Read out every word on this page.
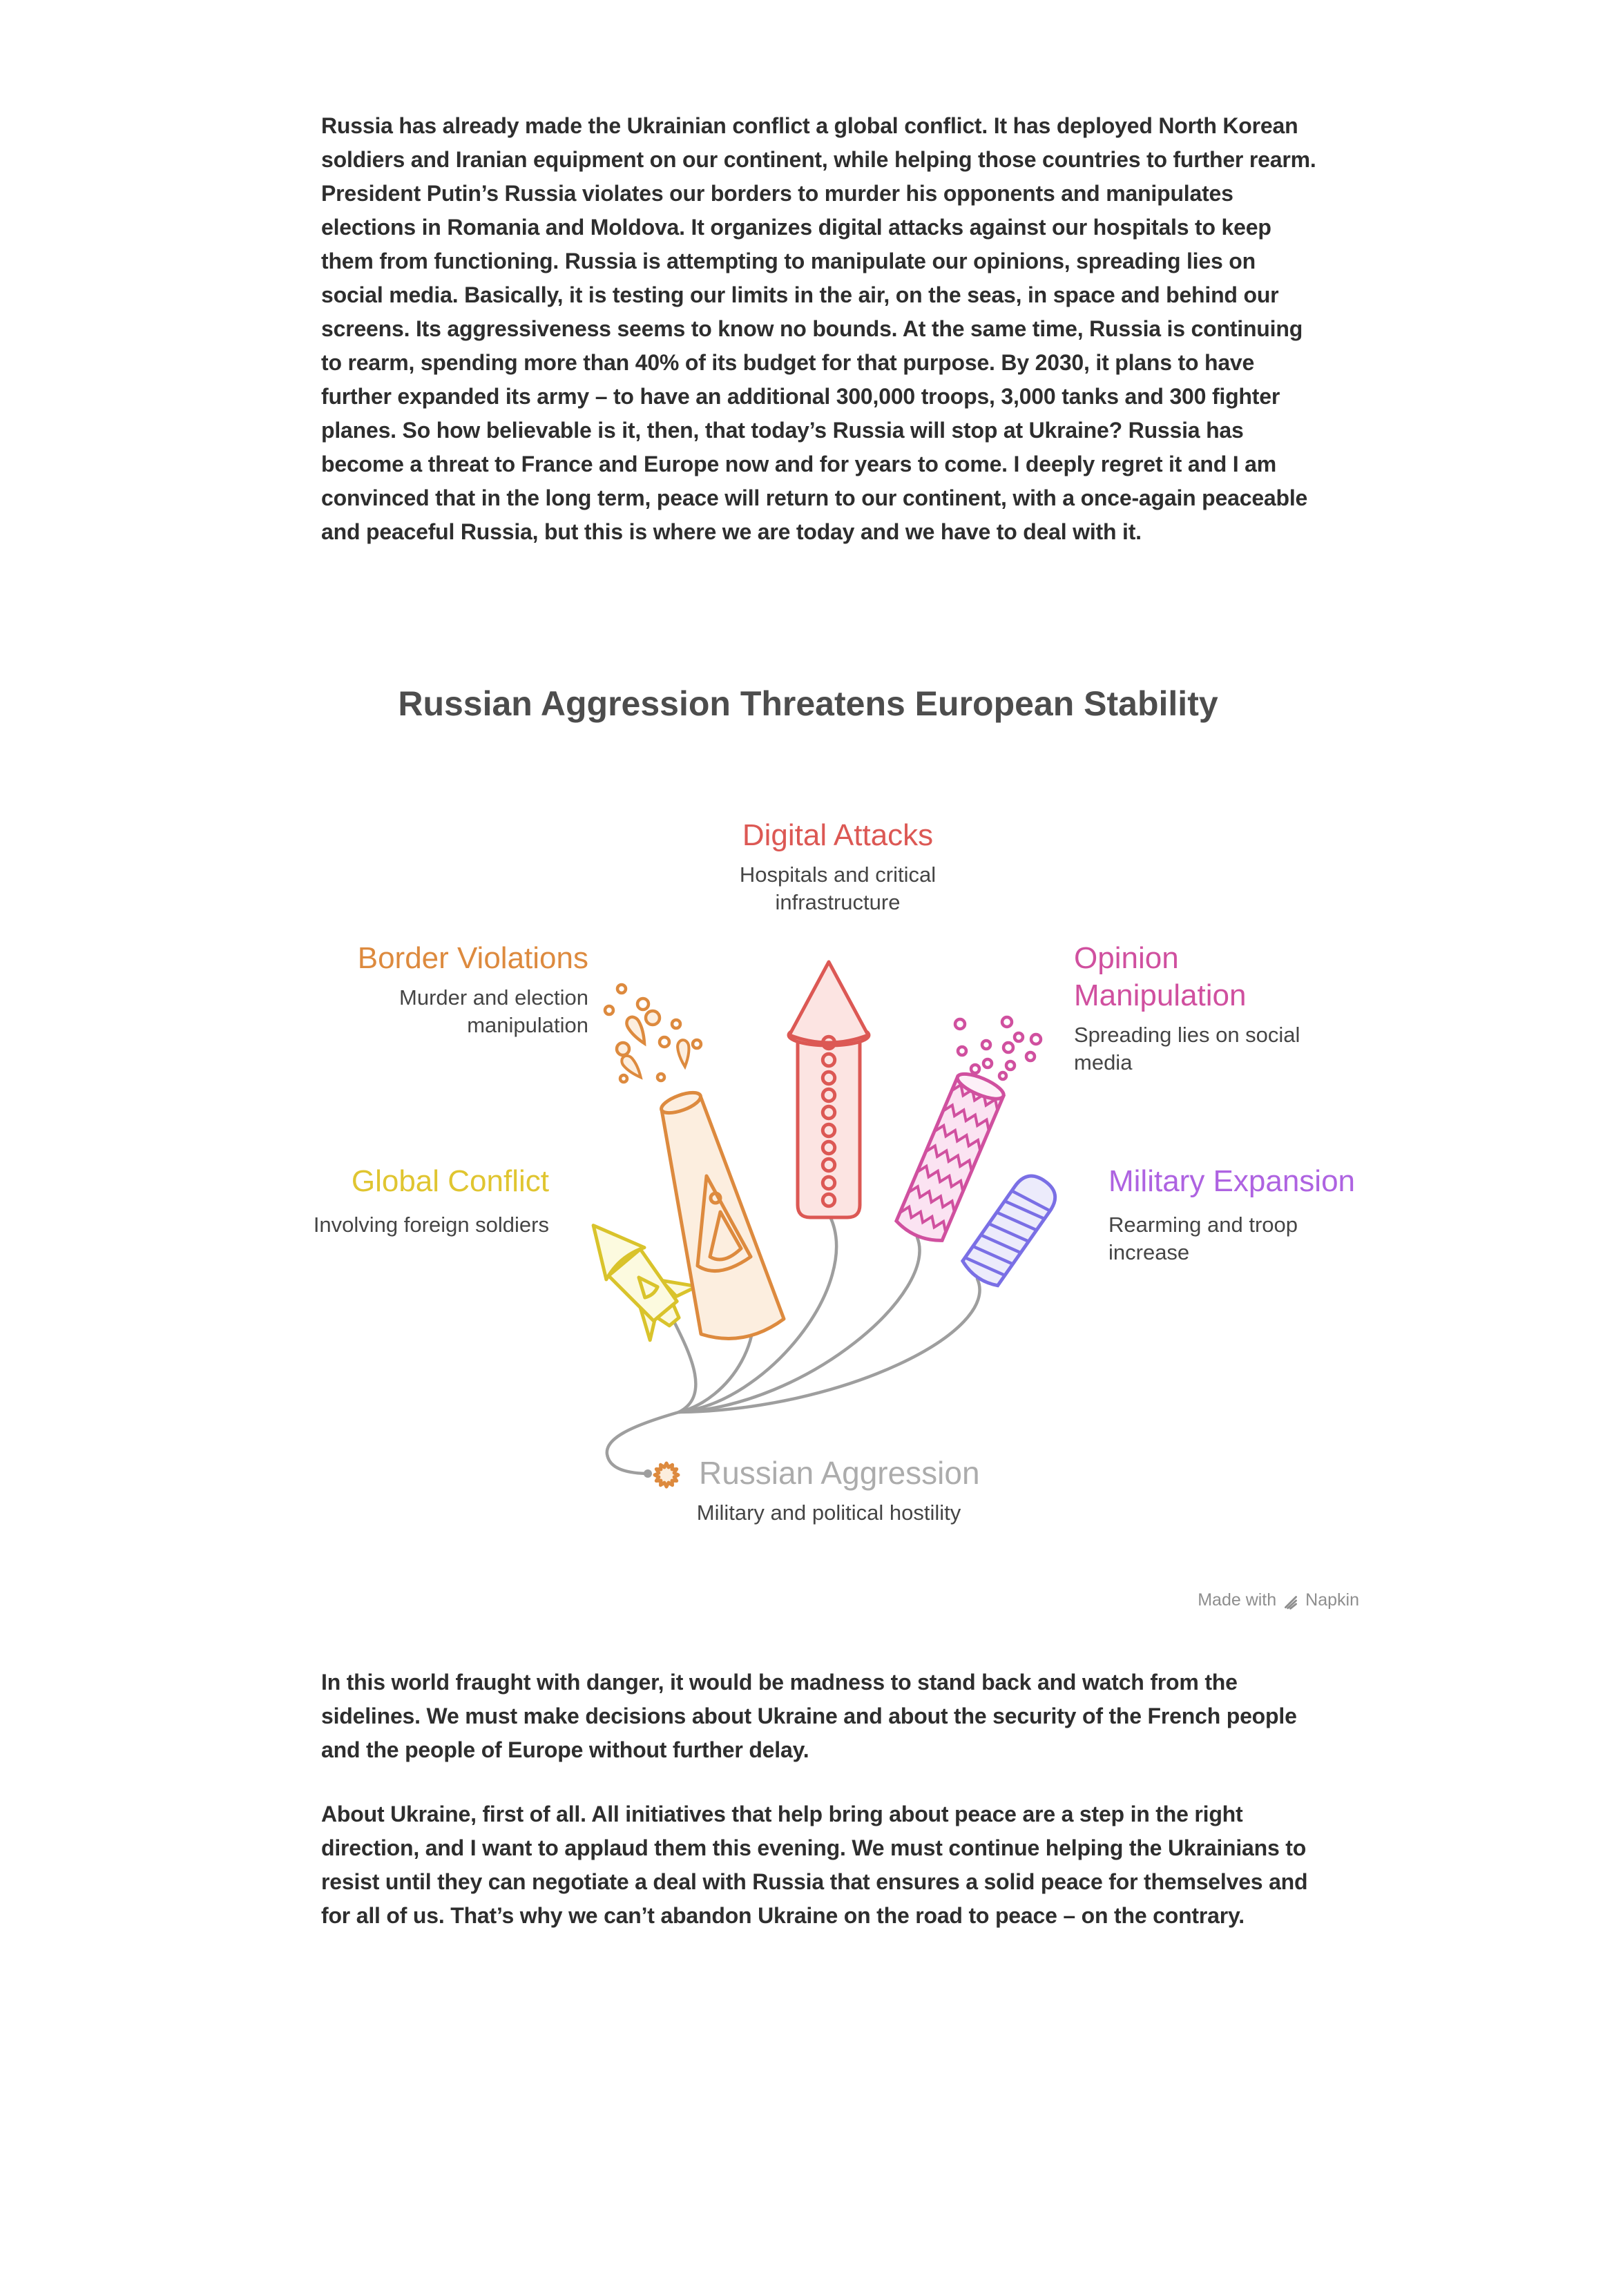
Russia has already made the Ukrainian conflict a global conflict. It has deployed North Korean soldiers and Iranian equipment on our continent, while helping those countries to further rearm. President Putin’s Russia violates our borders to murder his opponents and manipulates elections in Romania and Moldova. It organizes digital attacks against our hospitals to keep them from functioning. Russia is attempting to manipulate our opinions, spreading lies on social media. Basically, it is testing our limits in the air, on the seas, in space and behind our screens. Its aggressiveness seems to know no bounds. At the same time, Russia is continuing to rearm, spending more than 40% of its budget for that purpose. By 2030, it plans to have further expanded its army – to have an additional 300,000 troops, 3,000 tanks and 300 fighter planes. So how believable is it, then, that today’s Russia will stop at Ukraine? Russia has become a threat to France and Europe now and for years to come. I deeply regret it and I am convinced that in the long term, peace will return to our continent, with a once-again peaceable and peaceful Russia, but this is where we are today and we have to deal with it.

Russian Aggression Threatens European Stability
Digital Attacks
Hospitals and critical infrastructure
Border Violations
Murder and election manipulation
Opinion Manipulation
Spreading lies on social media
Global Conflict
Involving foreign soldiers
Military Expansion
Rearming and troop increase
Russian Aggression
Military and political hostility
Made with Napkin

In this world fraught with danger, it would be madness to stand back and watch from the sidelines. We must make decisions about Ukraine and about the security of the French people and the people of Europe without further delay.

About Ukraine, first of all. All initiatives that help bring about peace are a step in the right direction, and I want to applaud them this evening. We must continue helping the Ukrainians to resist until they can negotiate a deal with Russia that ensures a solid peace for themselves and for all of us. That’s why we can’t abandon Ukraine on the road to peace – on the contrary.
